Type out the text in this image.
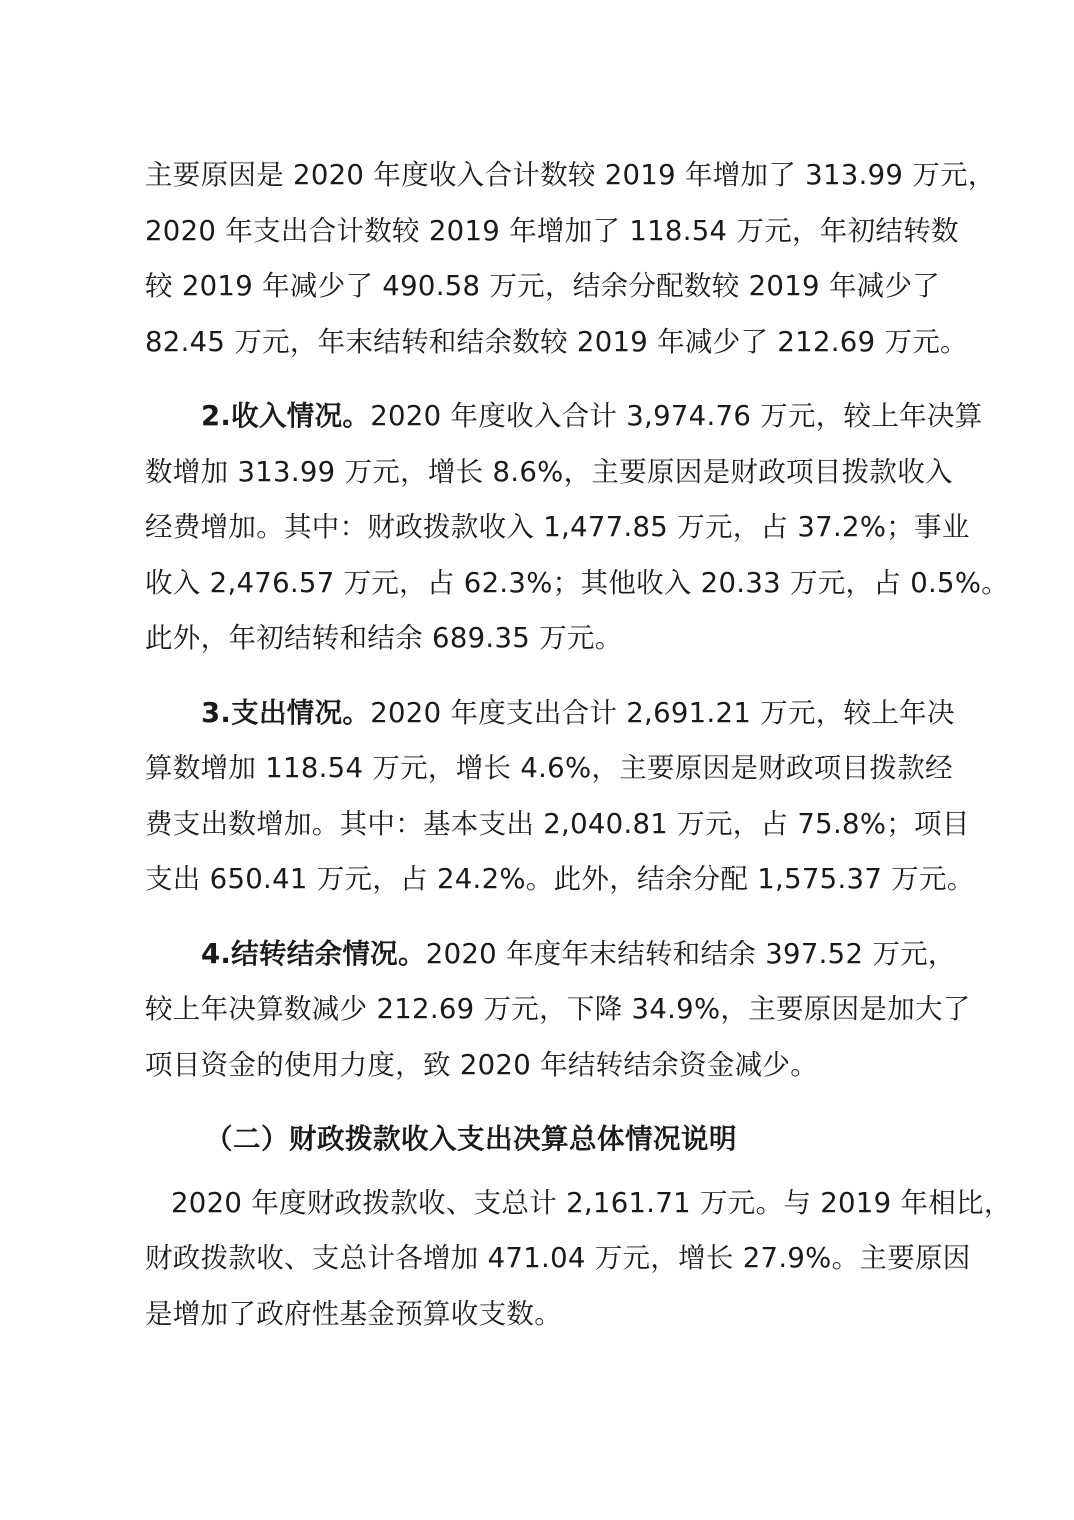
主要原因是 2020 年度收入合计数较 2019 年增加了 313.99 万元，
2020 年支出合计数较 2019 年增加了 118.54 万元，年初结转数
较 2019 年减少了 490.58 万元，结余分配数较 2019 年减少了
82.45 万元，年末结转和结余数较 2019 年减少了 212.69 万元。

2.收入情况。2020 年度收入合计 3,974.76 万元，较上年决算
数增加 313.99 万元，增长 8.6%，主要原因是财政项目拨款收入
经费增加。其中：财政拨款收入 1,477.85 万元，占 37.2%；事业
收入 2,476.57 万元，占 62.3%；其他收入 20.33 万元，占 0.5%。
此外，年初结转和结余 689.35 万元。

3.支出情况。2020 年度支出合计 2,691.21 万元，较上年决
算数增加 118.54 万元，增长 4.6%，主要原因是财政项目拨款经
费支出数增加。其中：基本支出 2,040.81 万元，占 75.8%；项目
支出 650.41 万元，占 24.2%。此外，结余分配 1,575.37 万元。

4.结转结余情况。2020 年度年末结转和结余 397.52 万元，
较上年决算数减少 212.69 万元，下降 34.9%，主要原因是加大了
项目资金的使用力度，致 2020 年结转结余资金减少。

（二）财政拨款收入支出决算总体情况说明

2020 年度财政拨款收、支总计 2,161.71 万元。与 2019 年相比，
财政拨款收、支总计各增加 471.04 万元，增长 27.9%。主要原因
是增加了政府性基金预算收支数。
